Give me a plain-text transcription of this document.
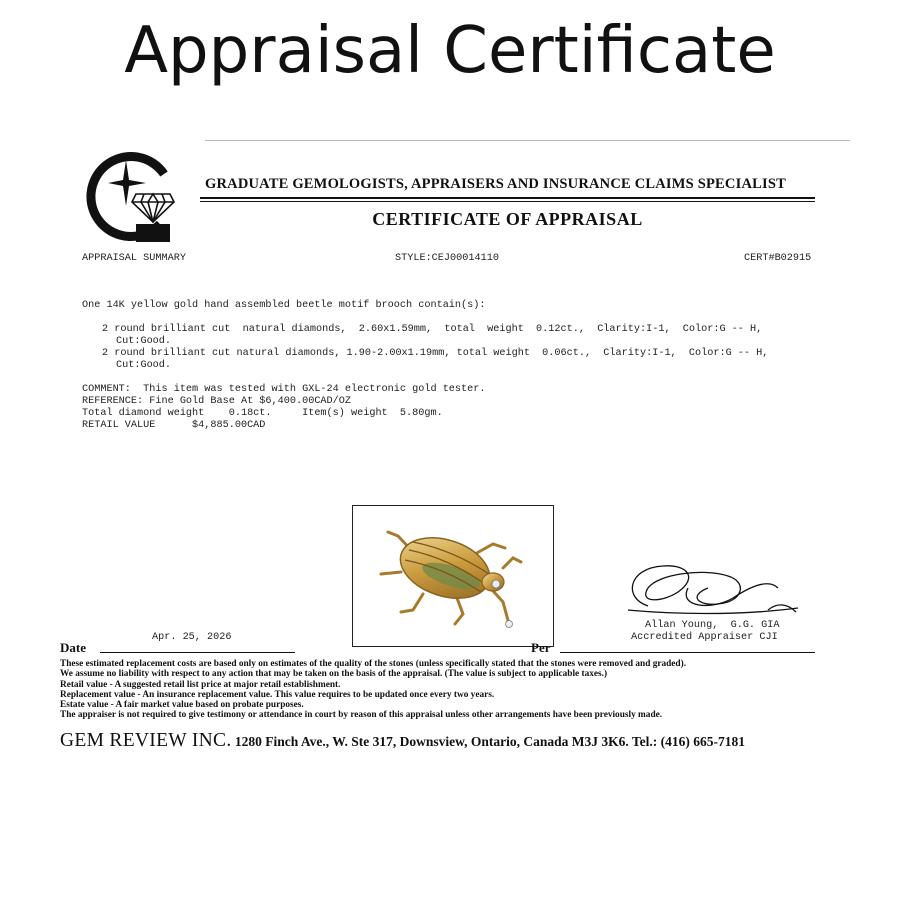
Appraisal Certificate
GRADUATE GEMOLOGISTS, APPRAISERS AND INSURANCE CLAIMS SPECIALIST
CERTIFICATE OF APPRAISAL
APPRAISAL SUMMARY	STYLE:CEJ00014110	CERT#B02915
One 14K yellow gold hand assembled beetle motif brooch contain(s):
2 round brilliant cut  natural diamonds,  2.60x1.59mm,  total  weight  0.12ct.,  Clarity:I-1,  Color:G -- H,
Cut:Good.
2 round brilliant cut natural diamonds, 1.90-2.00x1.19mm, total weight  0.06ct.,  Clarity:I-1,  Color:G -- H,
Cut:Good.
COMMENT:  This item was tested with GXL-24 electronic gold tester.
REFERENCE: Fine Gold Base At $6,400.00CAD/OZ
Total diamond weight    0.18ct.     Item(s) weight  5.80gm.
RETAIL VALUE      $4,885.00CAD
Allan Young,  G.G. GIA
Accredited Appraiser CJI
Date
Apr. 25, 2026
Per
These estimated replacement costs are based only on estimates of the quality of the stones (unless specifically stated that the stones were removed and graded).
We assume no liability with respect to any action that may be taken on the basis of the appraisal. (The value is subject to applicable taxes.)
Retail value - A suggested retail list price at major retail establishment.
Replacement value - An insurance replacement value. This value requires to be updated once every two years.
Estate value - A fair market value based on probate purposes.
The appraiser is not required to give testimony or attendance in court by reason of this appraisal unless other arrangements have been previously made.
GEM REVIEW INC. 1280 Finch Ave., W. Ste 317, Downsview, Ontario, Canada M3J 3K6. Tel.: (416) 665-7181
